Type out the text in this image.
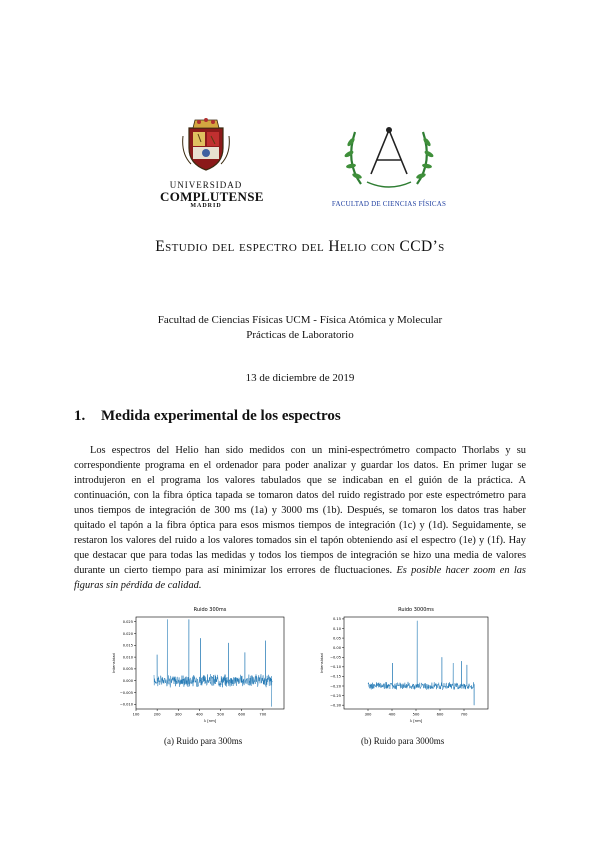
UNIVERSIDAD
COMPLUTENSE
MADRID	FACULTAD DE CIENCIAS FÍSICAS
Estudio del espectro del Helio con CCD’s
Facultad de Ciencias Físicas UCM - Física Atómica y Molecular
Prácticas de Laboratorio
13 de diciembre de 2019
1. Medida experimental de los espectros

Los espectros del Helio han sido medidos con un mini-espectrómetro compacto Thorlabs y su correspondiente programa en el ordenador para poder analizar y guardar los datos. En primer lugar se introdujeron en el programa los valores tabulados que se indicaban en el guión de la práctica. A continuación, con la fibra óptica tapada se tomaron datos del ruido registrado por este espectrómetro para unos tiempos de integración de 300 ms (1a) y 3000 ms (1b). Después, se tomaron los datos tras haber quitado el tapón a la fibra óptica para esos mismos tiempos de integración (1c) y (1d). Seguidamente, se restaron los valores del ruido a los valores tomados sin el tapón obteniendo así el espectro (1e) y (1f). Hay que destacar que para todas las medidas y todos los tiempos de integración se hizo una media de valores durante un cierto tiempo para así minimizar los errores de fluctuaciones. Es posible hacer zoom en las figuras sin pérdida de calidad.

Ruido 300ms
100	200	300	400	500	600	700
0.025
0.020
0.015
0.010
0.005
0.000
−0.005
−0.010
λ [nm]
Intensidad
Ruido 3000ms
300	400	500	600	700
0.15
0.10
0.05
0.00
−0.05
−0.10
−0.15
−0.20
−0.25
−0.30
λ [nm]
Intensidad
(a) Ruido para 300ms	(b) Ruido para 3000ms
